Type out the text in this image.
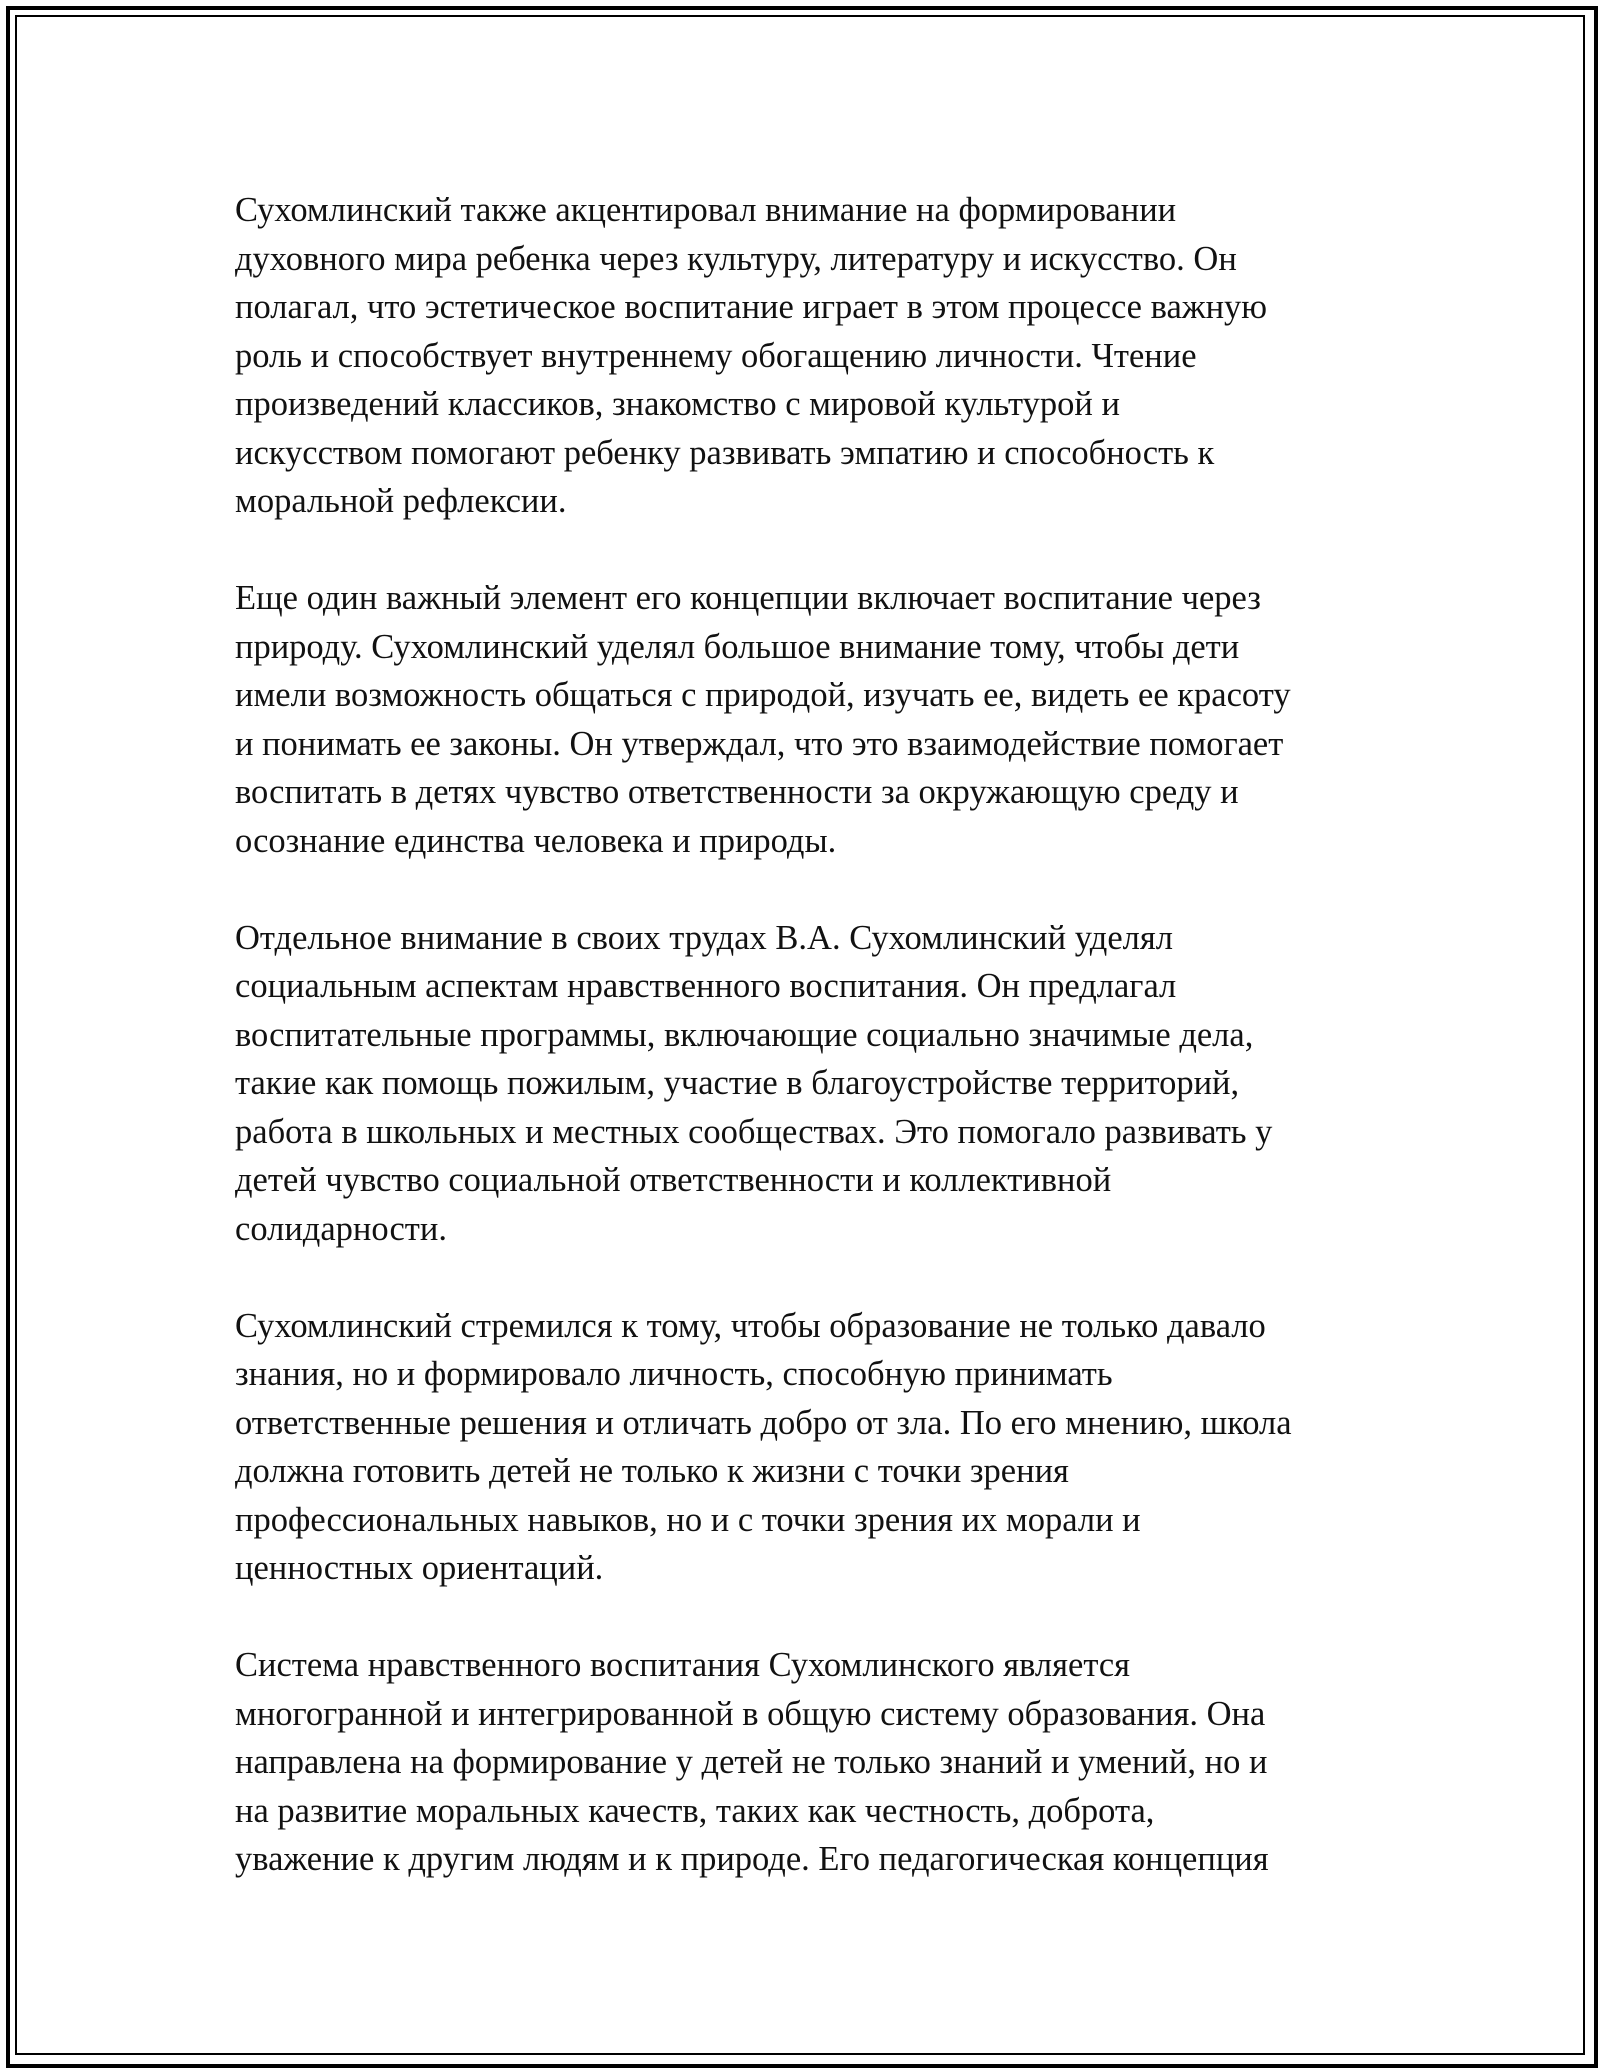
Сухомлинский также акцентировал внимание на формировании
духовного мира ребенка через культуру, литературу и искусство. Он
полагал, что эстетическое воспитание играет в этом процессе важную
роль и способствует внутреннему обогащению личности. Чтение
произведений классиков, знакомство с мировой культурой и
искусством помогают ребенку развивать эмпатию и способность к
моральной рефлексии.
Еще один важный элемент его концепции включает воспитание через
природу. Сухомлинский уделял большое внимание тому, чтобы дети
имели возможность общаться с природой, изучать ее, видеть ее красоту
и понимать ее законы. Он утверждал, что это взаимодействие помогает
воспитать в детях чувство ответственности за окружающую среду и
осознание единства человека и природы.
Отдельное внимание в своих трудах В.А. Сухомлинский уделял
социальным аспектам нравственного воспитания. Он предлагал
воспитательные программы, включающие социально значимые дела,
такие как помощь пожилым, участие в благоустройстве территорий,
работа в школьных и местных сообществах. Это помогало развивать у
детей чувство социальной ответственности и коллективной
солидарности.
Сухомлинский стремился к тому, чтобы образование не только давало
знания, но и формировало личность, способную принимать
ответственные решения и отличать добро от зла. По его мнению, школа
должна готовить детей не только к жизни с точки зрения
профессиональных навыков, но и с точки зрения их морали и
ценностных ориентаций.
Система нравственного воспитания Сухомлинского является
многогранной и интегрированной в общую систему образования. Она
направлена на формирование у детей не только знаний и умений, но и
на развитие моральных качеств, таких как честность, доброта,
уважение к другим людям и к природе. Его педагогическая концепция
